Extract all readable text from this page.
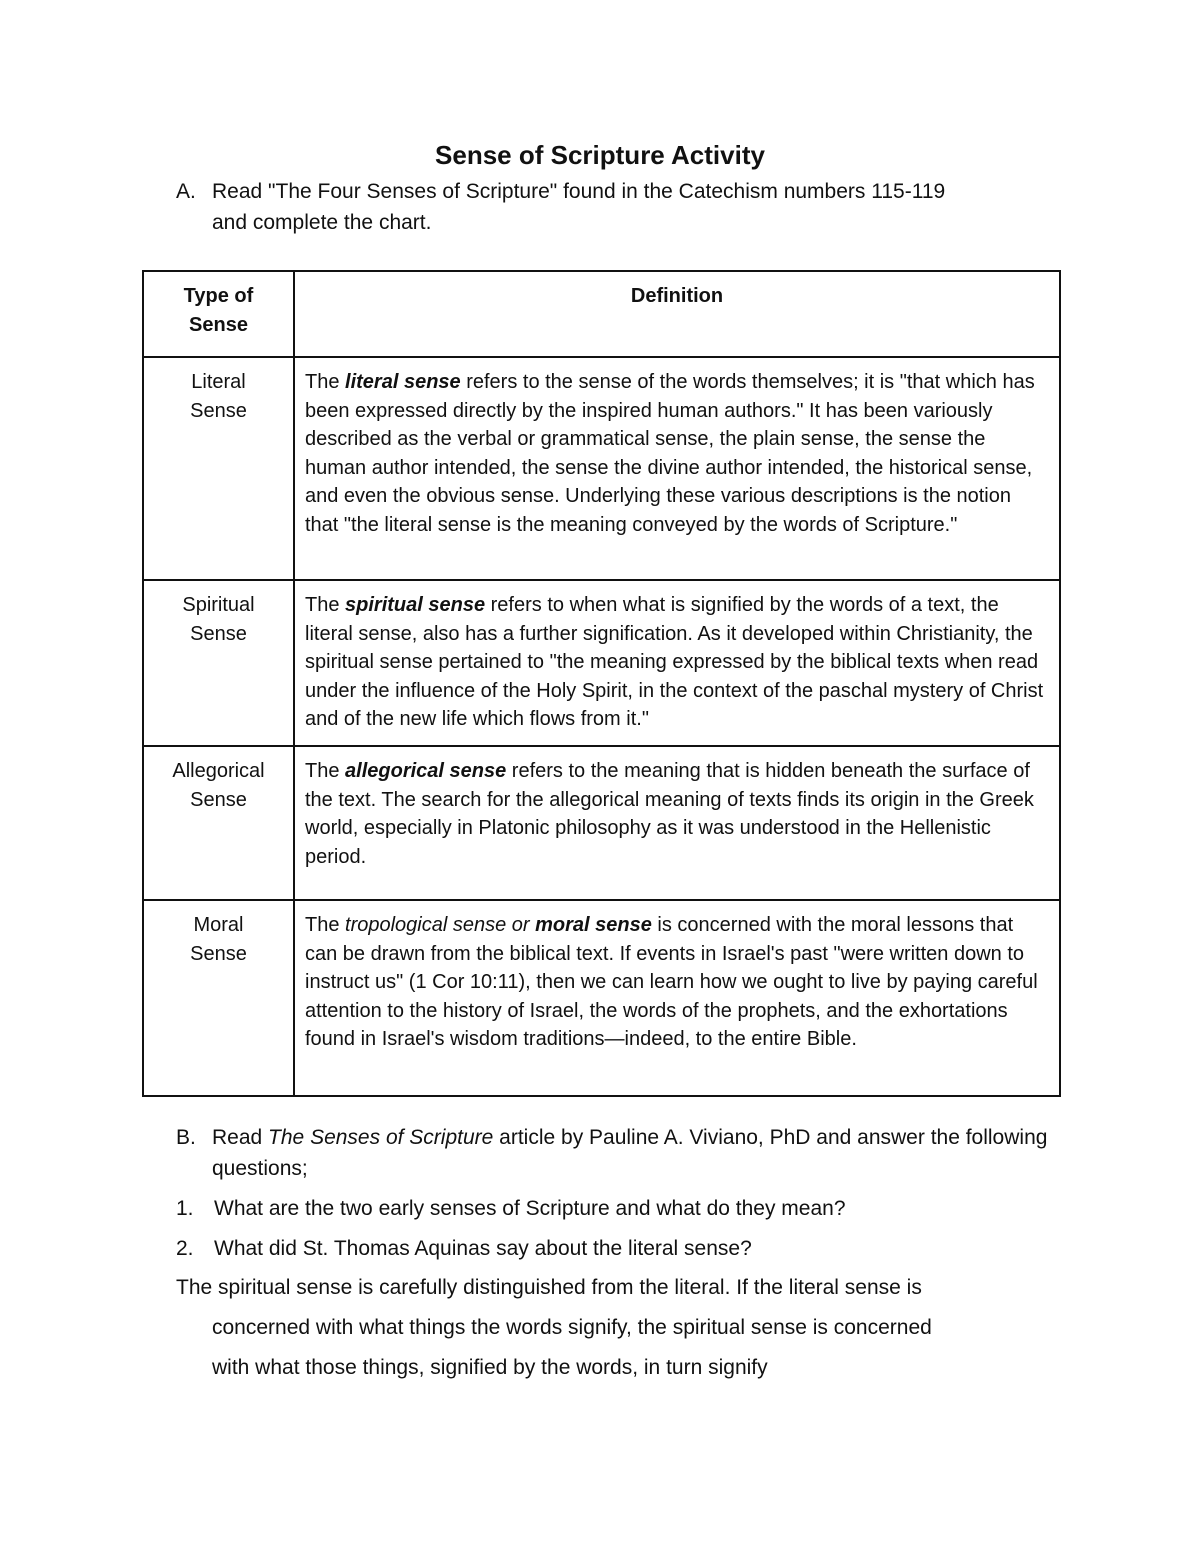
Sense of Scripture Activity
A. Read "The Four Senses of Scripture" found in the Catechism numbers 115-119
and complete the chart.
Type of
Sense	Definition
Literal
Sense	The literal sense refers to the sense of the words themselves; it is "that which has been expressed directly by the inspired human authors." It has been variously described as the verbal or grammatical sense, the plain sense, the sense the human author intended, the sense the divine author intended, the historical sense, and even the obvious sense. Underlying these various descriptions is the notion that "the literal sense is the meaning conveyed by the words of Scripture."
Spiritual
Sense	The spiritual sense refers to when what is signified by the words of a text, the literal sense, also has a further signification. As it developed within Christianity, the spiritual sense pertained to "the meaning expressed by the biblical texts when read under the influence of the Holy Spirit, in the context of the paschal mystery of Christ and of the new life which flows from it."
Allegorical
Sense	The allegorical sense refers to the meaning that is hidden beneath the surface of the text. The search for the allegorical meaning of texts finds its origin in the Greek world, especially in Platonic philosophy as it was understood in the Hellenistic period.
Moral
Sense	The tropological sense or moral sense is concerned with the moral lessons that can be drawn from the biblical text. If events in Israel's past "were written down to instruct us" (1 Cor 10:11), then we can learn how we ought to live by paying careful attention to the history of Israel, the words of the prophets, and the exhortations found in Israel's wisdom traditions—indeed, to the entire Bible.
B. Read The Senses of Scripture article by Pauline A. Viviano, PhD and answer the following questions;
1. What are the two early senses of Scripture and what do they mean?
2. What did St. Thomas Aquinas say about the literal sense?

The spiritual sense is carefully distinguished from the literal. If the literal sense is

concerned with what things the words signify, the spiritual sense is concerned

with what those things, signified by the words, in turn signify
